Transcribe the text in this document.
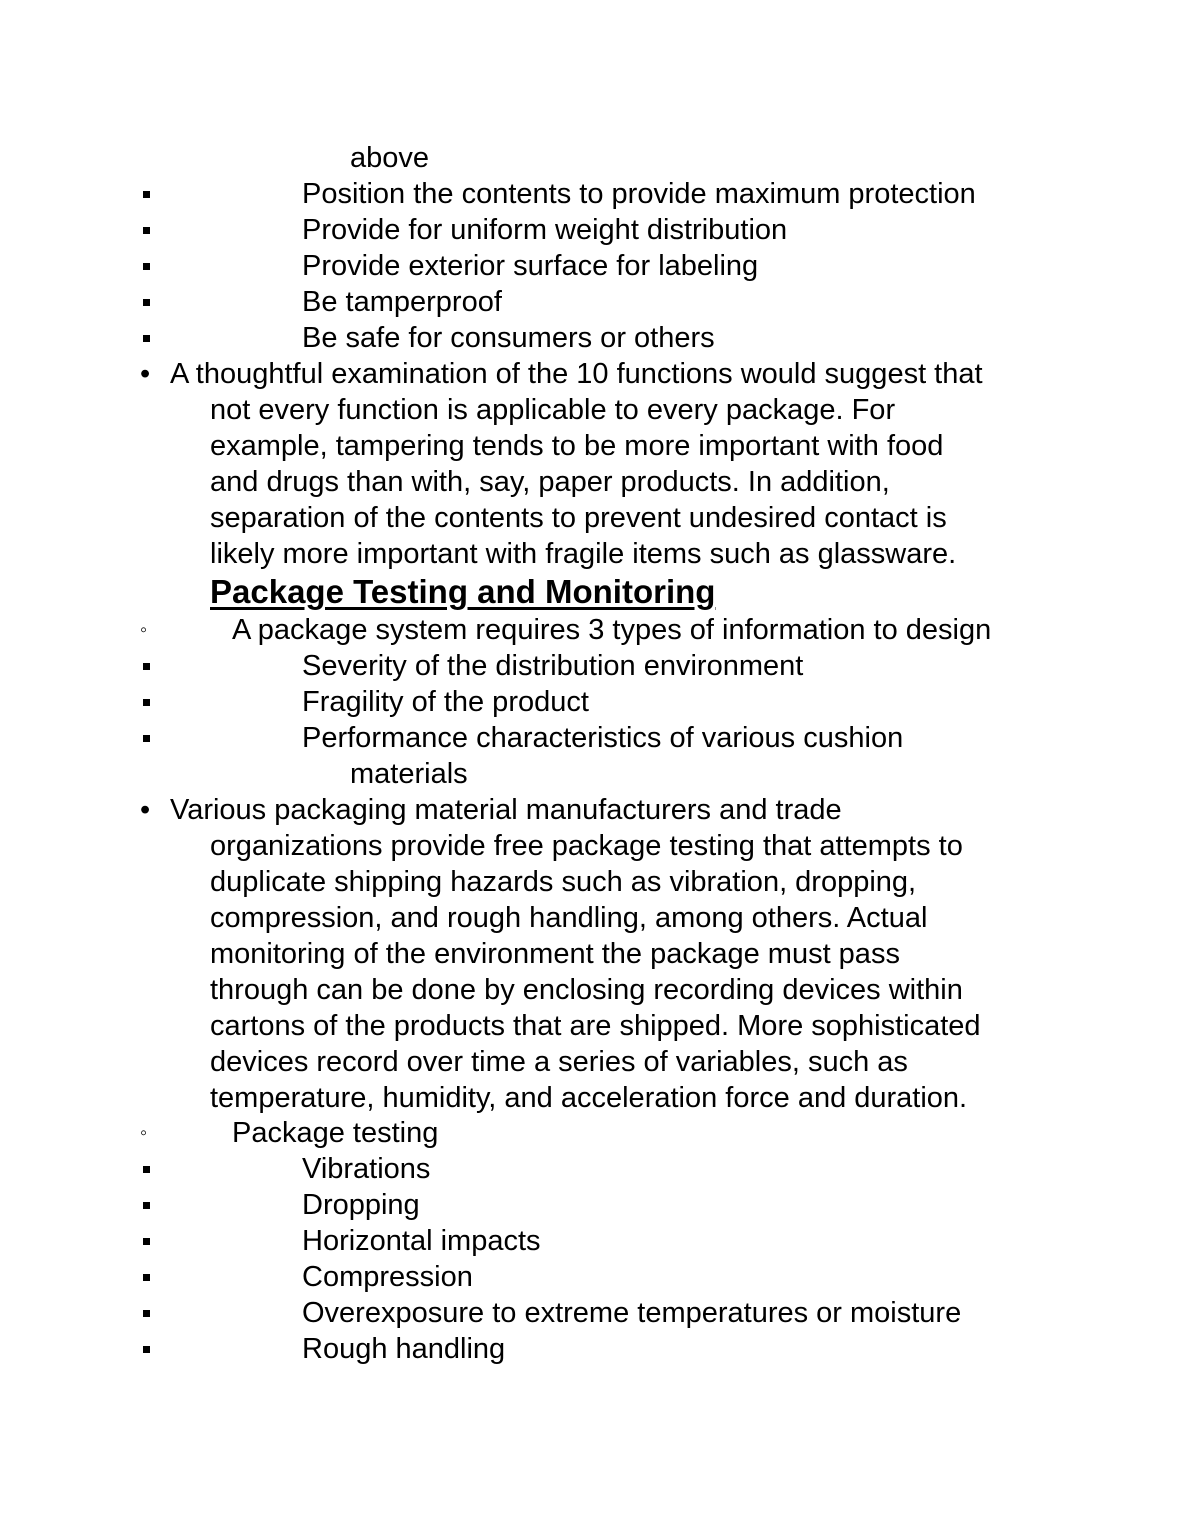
above
Position the contents to provide maximum protection
Provide for uniform weight distribution
Provide exterior surface for labeling
Be tamperproof
Be safe for consumers or others
• A thoughtful examination of the 10 functions would suggest that
not every function is applicable to every package. For
example, tampering tends to be more important with food
and drugs than with, say, paper products. In addition,
separation of the contents to prevent undesired contact is
likely more important with fragile items such as glassware.
Package Testing and Monitoring
◦	A package system requires 3 types of information to design
Severity of the distribution environment
Fragility of the product
Performance characteristics of various cushion
materials
• Various packaging material manufacturers and trade
organizations provide free package testing that attempts to
duplicate shipping hazards such as vibration, dropping,
compression, and rough handling, among others. Actual
monitoring of the environment the package must pass
through can be done by enclosing recording devices within
cartons of the products that are shipped. More sophisticated
devices record over time a series of variables, such as
temperature, humidity, and acceleration force and duration.
◦	Package testing
Vibrations
Dropping
Horizontal impacts
Compression
Overexposure to extreme temperatures or moisture
Rough handling
